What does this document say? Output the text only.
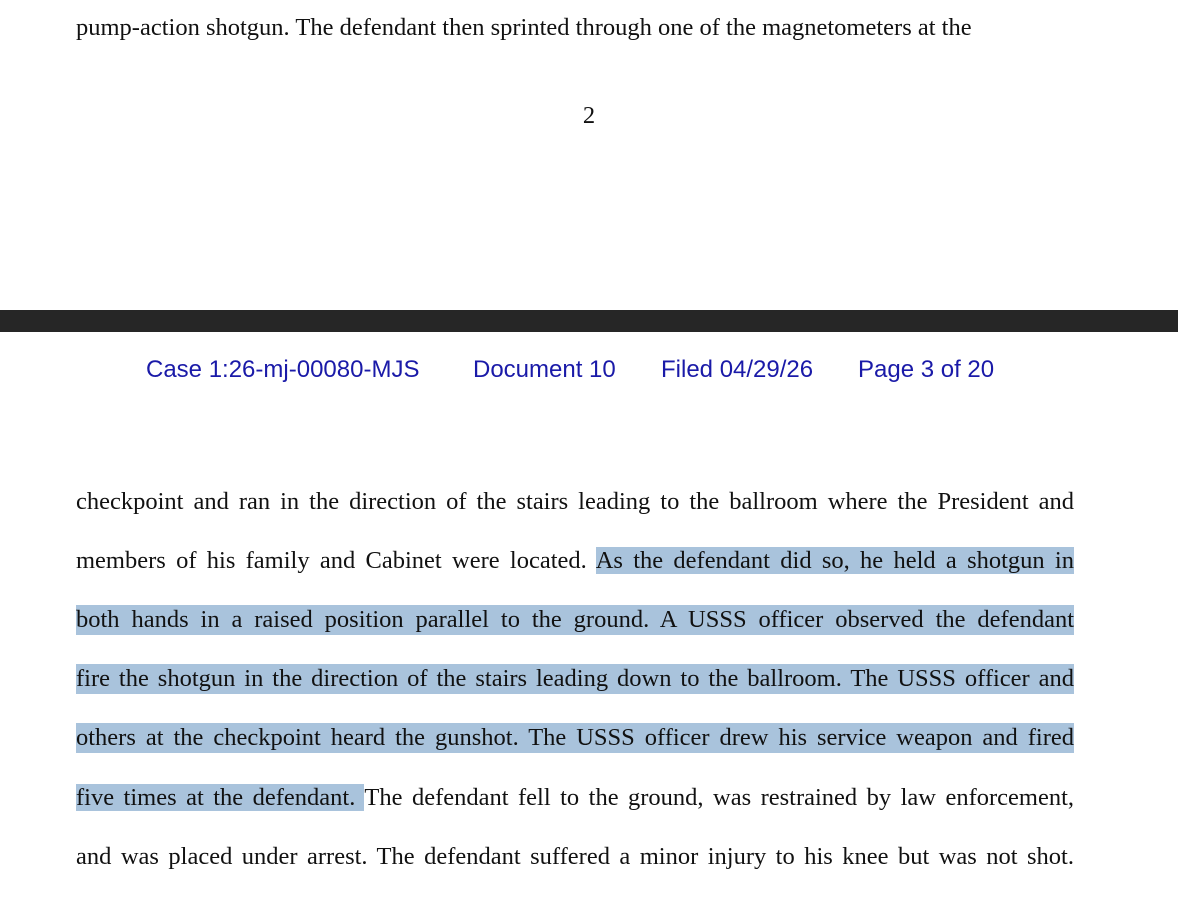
pump-action shotgun. The defendant then sprinted through one of the magnetometers at the
2
Case 1:26-mj-00080-MJS Document 10 Filed 04/29/26 Page 3 of 20
checkpoint and ran in the direction of the stairs leading to the ballroom where the President and
members of his family and Cabinet were located. As the defendant did so, he held a shotgun in
both hands in a raised position parallel to the ground. A USSS officer observed the defendant
fire the shotgun in the direction of the stairs leading down to the ballroom. The USSS officer and
others at the checkpoint heard the gunshot. The USSS officer drew his service weapon and fired
five times at the defendant. The defendant fell to the ground, was restrained by law enforcement,
and was placed under arrest. The defendant suffered a minor injury to his knee but was not shot.
